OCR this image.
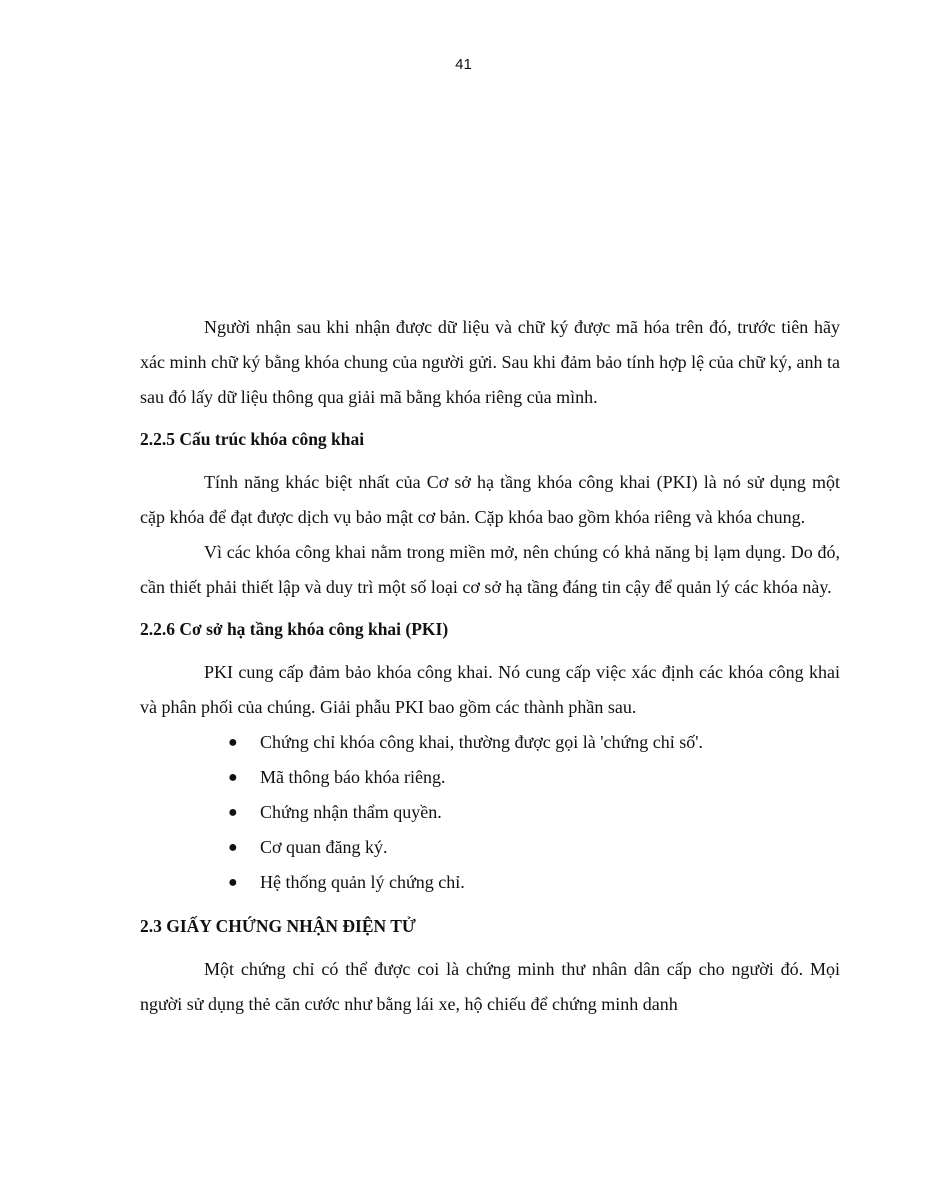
41

Người nhận sau khi nhận được dữ liệu và chữ ký được mã hóa trên đó, trước tiên hãy xác minh chữ ký bằng khóa chung của người gửi. Sau khi đảm bảo tính hợp lệ của chữ ký, anh ta sau đó lấy dữ liệu thông qua giải mã bằng khóa riêng của mình.

2.2.5 Cấu trúc khóa công khai

Tính năng khác biệt nhất của Cơ sở hạ tầng khóa công khai (PKI) là nó sử dụng một cặp khóa để đạt được dịch vụ bảo mật cơ bản. Cặp khóa bao gồm khóa riêng và khóa chung.

Vì các khóa công khai nằm trong miền mở, nên chúng có khả năng bị lạm dụng. Do đó, cần thiết phải thiết lập và duy trì một số loại cơ sở hạ tầng đáng tin cậy để quản lý các khóa này.

2.2.6 Cơ sở hạ tầng khóa công khai (PKI)

PKI cung cấp đảm bảo khóa công khai. Nó cung cấp việc xác định các khóa công khai và phân phối của chúng. Giải phẫu PKI bao gồm các thành phần sau.

● Chứng chỉ khóa công khai, thường được gọi là 'chứng chỉ số'.
● Mã thông báo khóa riêng.
● Chứng nhận thẩm quyền.
● Cơ quan đăng ký.
● Hệ thống quản lý chứng chỉ.
2.3 GIẤY CHỨNG NHẬN ĐIỆN TỬ

Một chứng chỉ có thể được coi là chứng minh thư nhân dân cấp cho người đó. Mọi người sử dụng thẻ căn cước như bằng lái xe, hộ chiếu để chứng minh danh
